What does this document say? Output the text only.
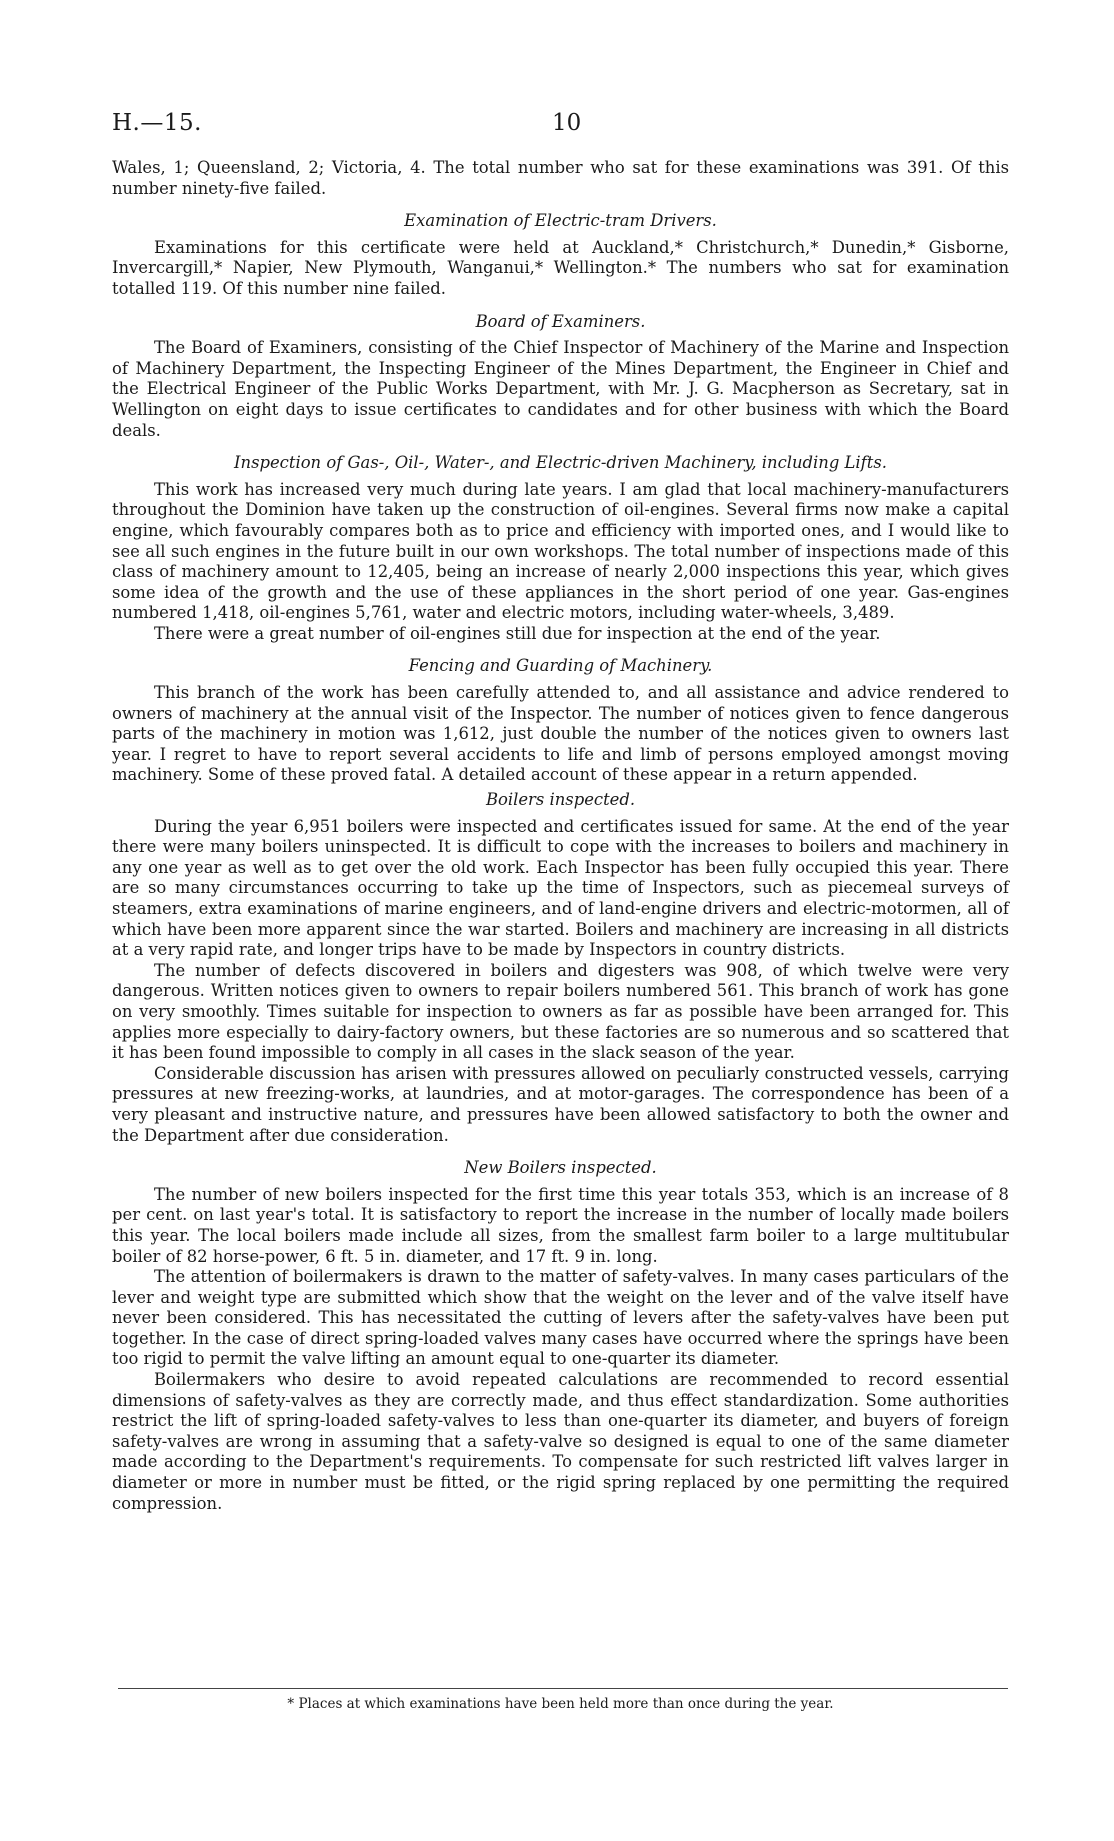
H.—15.	10

Wales, 1; Queensland, 2; Victoria, 4. The total number who sat for these examinations was 391. Of this number ninety-five failed.

Examination of Electric-tram Drivers.

Examinations for this certificate were held at Auckland,* Christchurch,* Dunedin,* Gisborne, Invercargill,* Napier, New Plymouth, Wanganui,* Wellington.* The numbers who sat for examination totalled 119. Of this number nine failed.

Board of Examiners.

The Board of Examiners, consisting of the Chief Inspector of Machinery of the Marine and Inspection of Machinery Department, the Inspecting Engineer of the Mines Department, the Engineer in Chief and the Electrical Engineer of the Public Works Department, with Mr. J. G. Macpherson as Secretary, sat in Wellington on eight days to issue certificates to candidates and for other business with which the Board deals.

Inspection of Gas-, Oil-, Water-, and Electric-driven Machinery, including Lifts.

This work has increased very much during late years. I am glad that local machinery-manufacturers throughout the Dominion have taken up the construction of oil-engines. Several firms now make a capital engine, which favourably compares both as to price and efficiency with imported ones, and I would like to see all such engines in the future built in our own workshops. The total number of inspections made of this class of machinery amount to 12,405, being an increase of nearly 2,000 inspections this year, which gives some idea of the growth and the use of these appliances in the short period of one year. Gas-engines numbered 1,418, oil-engines 5,761, water and electric motors, including water-wheels, 3,489.

There were a great number of oil-engines still due for inspection at the end of the year.

Fencing and Guarding of Machinery.

This branch of the work has been carefully attended to, and all assistance and advice rendered to owners of machinery at the annual visit of the Inspector. The number of notices given to fence dangerous parts of the machinery in motion was 1,612, just double the number of the notices given to owners last year. I regret to have to report several accidents to life and limb of persons employed amongst moving machinery. Some of these proved fatal. A detailed account of these appear in a return appended.

Boilers inspected.

During the year 6,951 boilers were inspected and certificates issued for same. At the end of the year there were many boilers uninspected. It is difficult to cope with the increases to boilers and machinery in any one year as well as to get over the old work. Each Inspector has been fully occupied this year. There are so many circumstances occurring to take up the time of Inspectors, such as piecemeal surveys of steamers, extra examinations of marine engineers, and of land-engine drivers and electric-motormen, all of which have been more apparent since the war started. Boilers and machinery are increasing in all districts at a very rapid rate, and longer trips have to be made by Inspectors in country districts.

The number of defects discovered in boilers and digesters was 908, of which twelve were very dangerous. Written notices given to owners to repair boilers numbered 561. This branch of work has gone on very smoothly. Times suitable for inspection to owners as far as possible have been arranged for. This applies more especially to dairy-factory owners, but these factories are so numerous and so scattered that it has been found impossible to comply in all cases in the slack season of the year.

Considerable discussion has arisen with pressures allowed on peculiarly constructed vessels, carrying pressures at new freezing-works, at laundries, and at motor-garages. The correspondence has been of a very pleasant and instructive nature, and pressures have been allowed satisfactory to both the owner and the Department after due consideration.

New Boilers inspected.

The number of new boilers inspected for the first time this year totals 353, which is an increase of 8 per cent. on last year's total. It is satisfactory to report the increase in the number of locally made boilers this year. The local boilers made include all sizes, from the smallest farm boiler to a large multitubular boiler of 82 horse-power, 6 ft. 5 in. diameter, and 17 ft. 9 in. long.

The attention of boilermakers is drawn to the matter of safety-valves. In many cases particulars of the lever and weight type are submitted which show that the weight on the lever and of the valve itself have never been considered. This has necessitated the cutting of levers after the safety-valves have been put together. In the case of direct spring-loaded valves many cases have occurred where the springs have been too rigid to permit the valve lifting an amount equal to one-quarter its diameter.

Boilermakers who desire to avoid repeated calculations are recommended to record essential dimensions of safety-valves as they are correctly made, and thus effect standardization. Some authorities restrict the lift of spring-loaded safety-valves to less than one-quarter its diameter, and buyers of foreign safety-valves are wrong in assuming that a safety-valve so designed is equal to one of the same diameter made according to the Department's requirements. To compensate for such restricted lift valves larger in diameter or more in number must be fitted, or the rigid spring replaced by one permitting the required compression.

* Places at which examinations have been held more than once during the year.
